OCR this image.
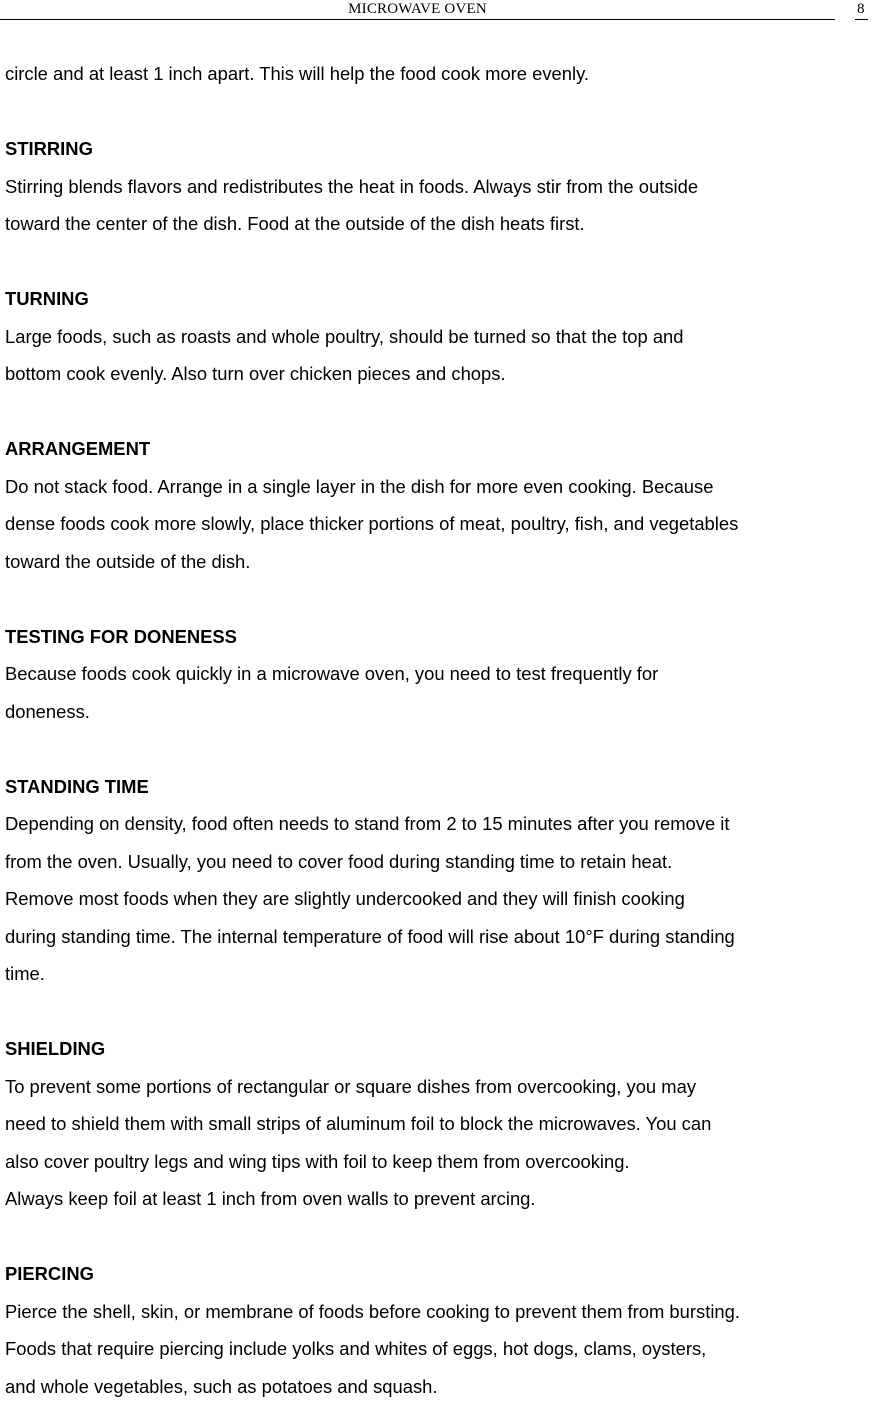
MICROWAVE OVEN	8

circle and at least 1 inch apart. This will help the food cook more evenly.

STIRRING

Stirring blends flavors and redistributes the heat in foods. Always stir from the outside

toward the center of the dish. Food at the outside of the dish heats first.

TURNING

Large foods, such as roasts and whole poultry, should be turned so that the top and

bottom cook evenly. Also turn over chicken pieces and chops.

ARRANGEMENT

Do not stack food. Arrange in a single layer in the dish for more even cooking. Because

dense foods cook more slowly, place thicker portions of meat, poultry, fish, and vegetables

toward the outside of the dish.

TESTING FOR DONENESS

Because foods cook quickly in a microwave oven, you need to test frequently for

doneness.

STANDING TIME

Depending on density, food often needs to stand from 2 to 15 minutes after you remove it

from the oven. Usually, you need to cover food during standing time to retain heat.

Remove most foods when they are slightly undercooked and they will finish cooking

during standing time. The internal temperature of food will rise about 10°F during standing

time.

SHIELDING

To prevent some portions of rectangular or square dishes from overcooking, you may

need to shield them with small strips of aluminum foil to block the microwaves. You can

also cover poultry legs and wing tips with foil to keep them from overcooking.

Always keep foil at least 1 inch from oven walls to prevent arcing.

PIERCING

Pierce the shell, skin, or membrane of foods before cooking to prevent them from bursting.

Foods that require piercing include yolks and whites of eggs, hot dogs, clams, oysters,

and whole vegetables, such as potatoes and squash.
